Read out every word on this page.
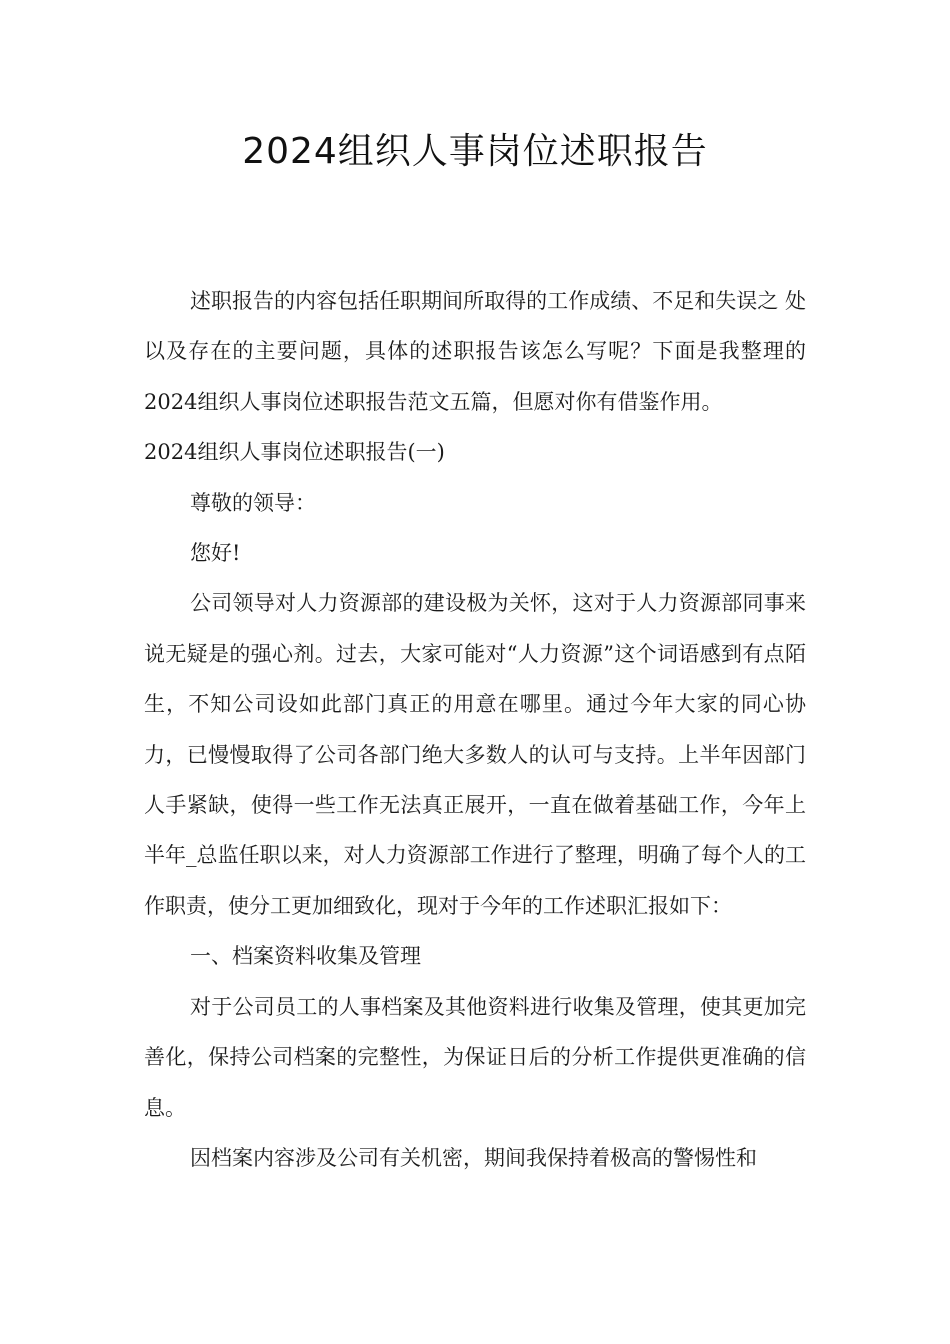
2024组织人事岗位述职报告

述职报告的内容包括任职期间所取得的工作成绩、不足和失误之 处以及存在的主要问题，具体的述职报告该怎么写呢？下面是我整理的2024组织人事岗位述职报告范文五篇，但愿对你有借鉴作用。

2024组织人事岗位述职报告(一)

尊敬的领导：

您好!

公司领导对人力资源部的建设极为关怀，这对于人力资源部同事来说无疑是的强心剂。过去，大家可能对“人力资源”这个词语感到有点陌生，不知公司设如此部门真正的用意在哪里。通过今年大家的同心协力，已慢慢取得了公司各部门绝大多数人的认可与支持。上半年因部门人手紧缺，使得一些工作无法真正展开，一直在做着基础工作，今年上半年_总监任职以来，对人力资源部工作进行了整理，明确了每个人的工作职责，使分工更加细致化，现对于今年的工作述职汇报如下：

一、档案资料收集及管理

对于公司员工的人事档案及其他资料进行收集及管理，使其更加完善化，保持公司档案的完整性，为保证日后的分析工作提供更准确的信息。

因档案内容涉及公司有关机密，期间我保持着极高的警惕性和
